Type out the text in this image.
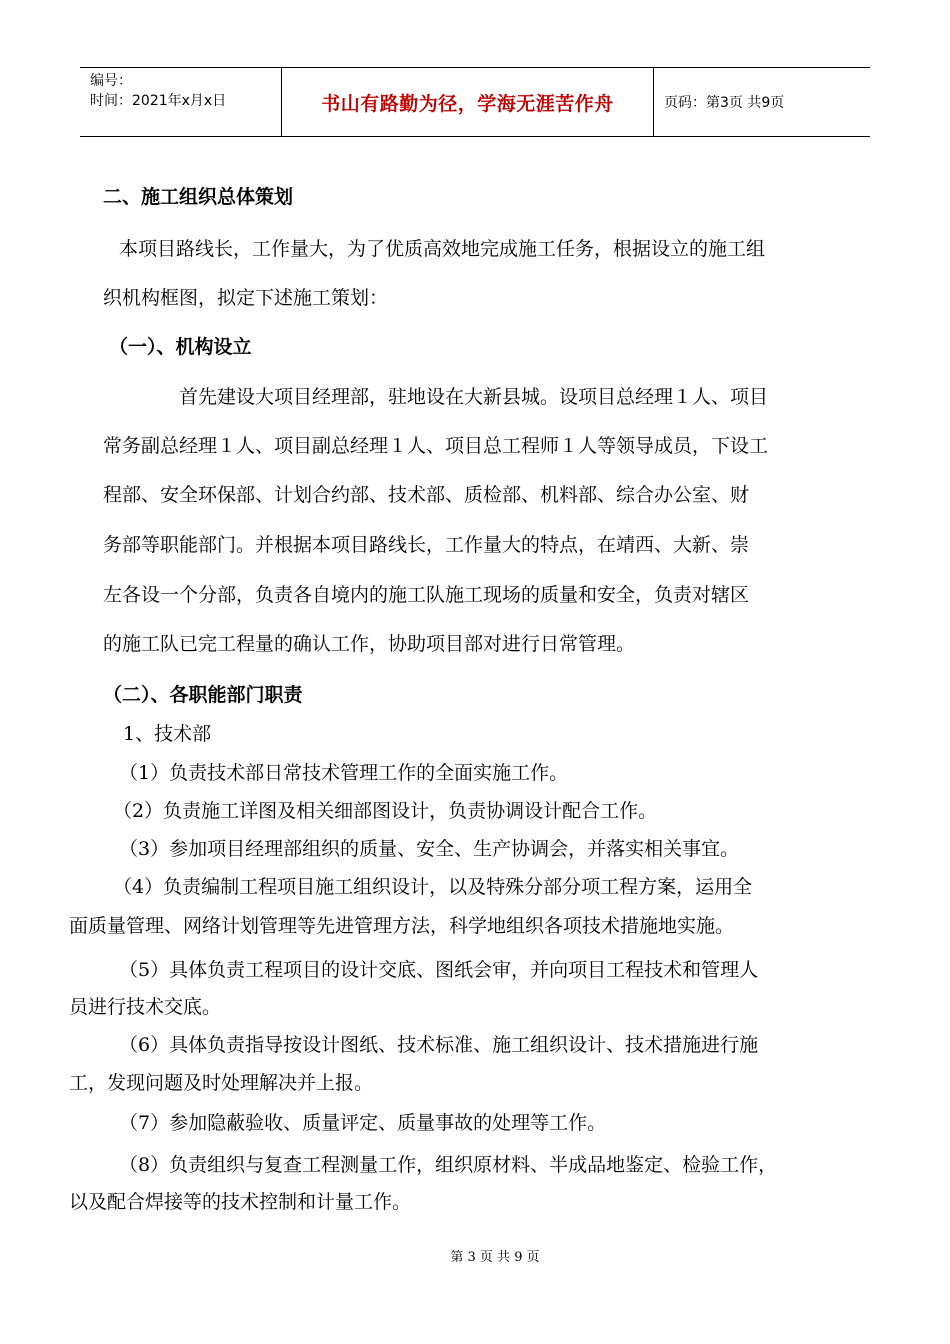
编号：
时间：2021年x月x日	书山有路勤为径，学海无涯苦作舟	页码：第3页 共9页
二、施工组织总体策划
本项目路线长，工作量大，为了优质高效地完成施工任务，根据设立的施工组
织机构框图，拟定下述施工策划：
（一）、机构设立
首先建设大项目经理部，驻地设在大新县城。设项目总经理１人、项目
常务副总经理１人、项目副总经理１人、项目总工程师１人等领导成员，下设工
程部、安全环保部、计划合约部、技术部、质检部、机料部、综合办公室、财
务部等职能部门。并根据本项目路线长，工作量大的特点，在靖西、大新、崇
左各设一个分部，负责各自境内的施工队施工现场的质量和安全，负责对辖区
的施工队已完工程量的确认工作，协助项目部对进行日常管理。
（二）、各职能部门职责
1、技术部
（1）负责技术部日常技术管理工作的全面实施工作。
（2）负责施工详图及相关细部图设计，负责协调设计配合工作。
（3）参加项目经理部组织的质量、安全、生产协调会，并落实相关事宜。
（4）负责编制工程项目施工组织设计，以及特殊分部分项工程方案，运用全
面质量管理、网络计划管理等先进管理方法，科学地组织各项技术措施地实施。
（5）具体负责工程项目的设计交底、图纸会审，并向项目工程技术和管理人
员进行技术交底。
（6）具体负责指导按设计图纸、技术标准、施工组织设计、技术措施进行施
工，发现问题及时处理解决并上报。
（7）参加隐蔽验收、质量评定、质量事故的处理等工作。
（8）负责组织与复查工程测量工作，组织原材料、半成品地鉴定、检验工作，
以及配合焊接等的技术控制和计量工作。
第 3 页 共 9 页
